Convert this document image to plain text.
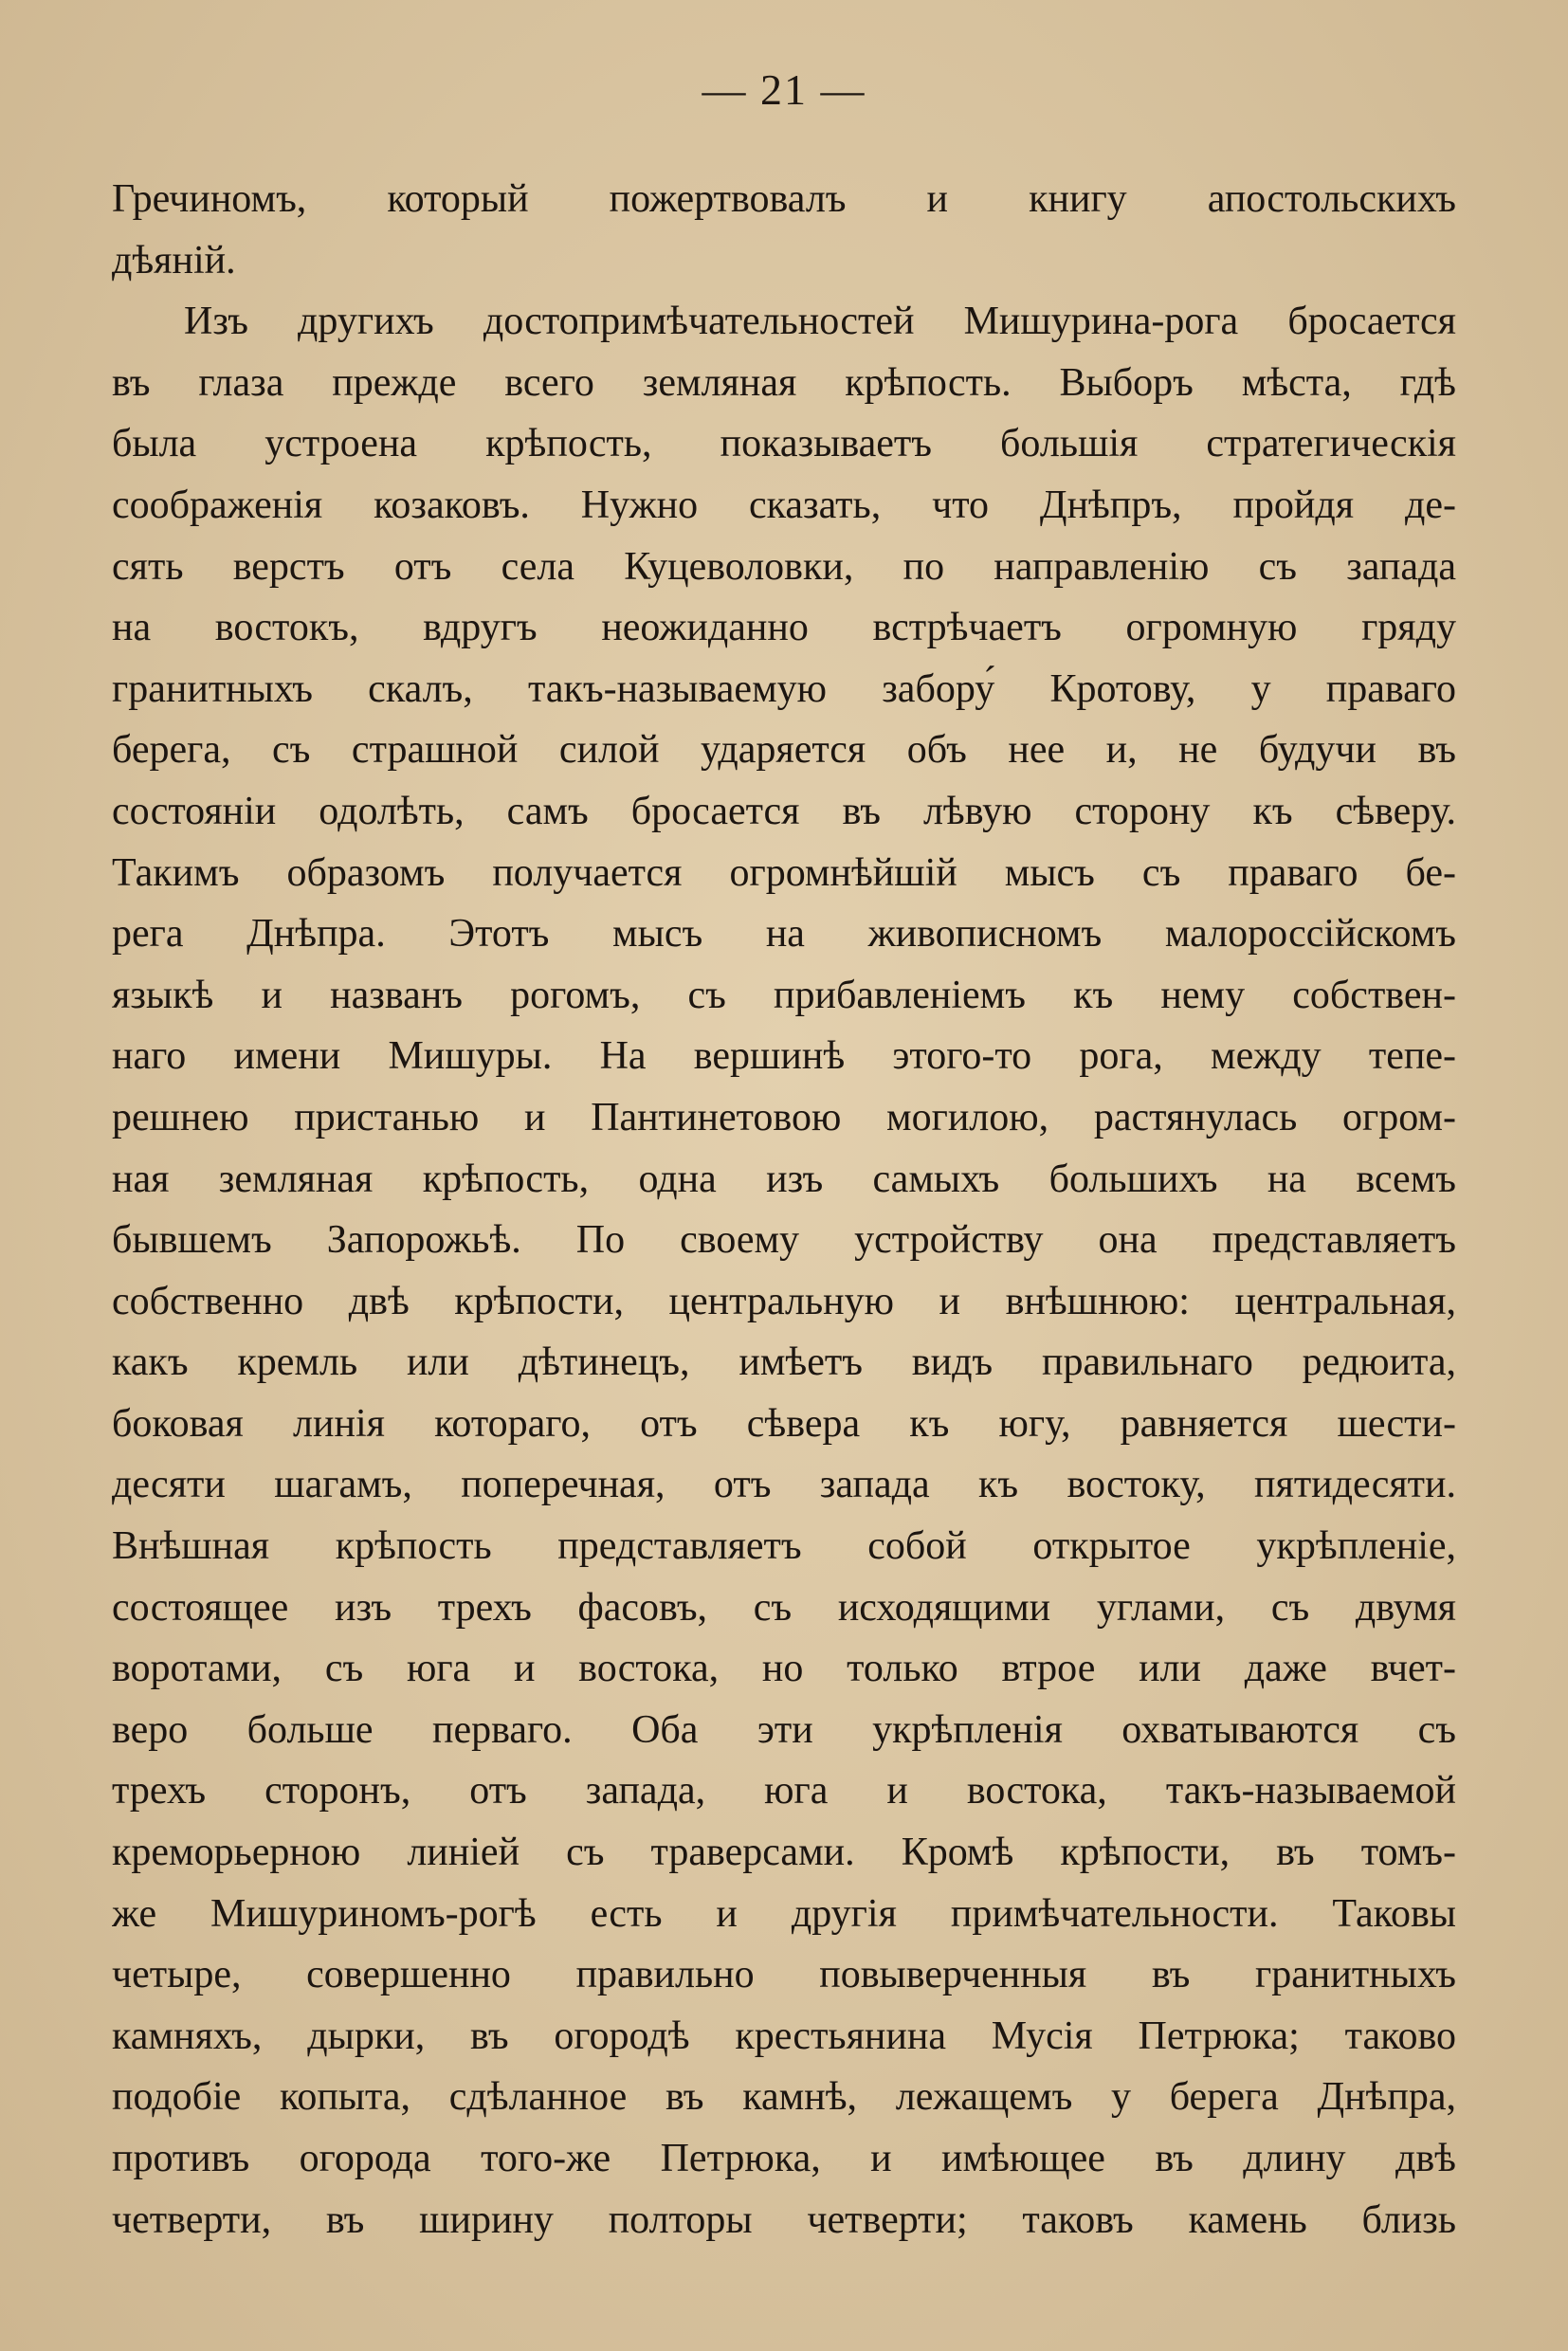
— 21 —
Гречиномъ, который пожертвовалъ и книгу апостольскихъ
дѣяній.
Изъ другихъ достопримѣчательностей Мишурина-рога бросается
въ глаза прежде всего земляная крѣпость. Выборъ мѣста, гдѣ
была устроена крѣпость, показываетъ большія стратегическія
соображенія козаковъ. Нужно сказать, что Днѣпръ, пройдя де-
сять верстъ отъ села Куцеволовки, по направленію съ запада
на востокъ, вдругъ неожиданно встрѣчаетъ огромную гряду
гранитныхъ скалъ, такъ-называемую забору́ Кротову, у праваго
берега, съ страшной силой ударяется объ нее и, не будучи въ
состояніи одолѣть, самъ бросается въ лѣвую сторону къ сѣверу.
Такимъ образомъ получается огромнѣйшій мысъ съ праваго бе-
рега Днѣпра. Этотъ мысъ на живописномъ малороссійскомъ
языкѣ и названъ рогомъ, съ прибавленіемъ къ нему собствен-
наго имени Мишуры. На вершинѣ этого-то рога, между тепе-
решнею пристанью и Пантинетовою могилою, растянулась огром-
ная земляная крѣпость, одна изъ самыхъ большихъ на всемъ
бывшемъ Запорожьѣ. По своему устройству она представляетъ
собственно двѣ крѣпости, центральную и внѣшнюю: центральная,
какъ кремль или дѣтинецъ, имѣетъ видъ правильнаго редюита,
боковая линія котораго, отъ сѣвера къ югу, равняется шести-
десяти шагамъ, поперечная, отъ запада къ востоку, пятидесяти.
Внѣшная крѣпость представляетъ собой открытое укрѣпленіе,
состоящее изъ трехъ фасовъ, съ исходящими углами, съ двумя
воротами, съ юга и востока, но только втрое или даже вчет-
веро больше перваго. Оба эти укрѣпленія охватываются съ
трехъ сторонъ, отъ запада, юга и востока, такъ-называемой
креморьерною линіей съ траверсами. Кромѣ крѣпости, въ томъ-
же Мишуриномъ-рогѣ есть и другія примѣчательности. Таковы
четыре, совершенно правильно повыверченныя въ гранитныхъ
камняхъ, дырки, въ огородѣ крестьянина Мусія Петрюка; таково
подобіе копыта, сдѣланное въ камнѣ, лежащемъ у берега Днѣпра,
противъ огорода того-же Петрюка, и имѣющее въ длину двѣ
четверти, въ ширину полторы четверти; таковъ камень близь
